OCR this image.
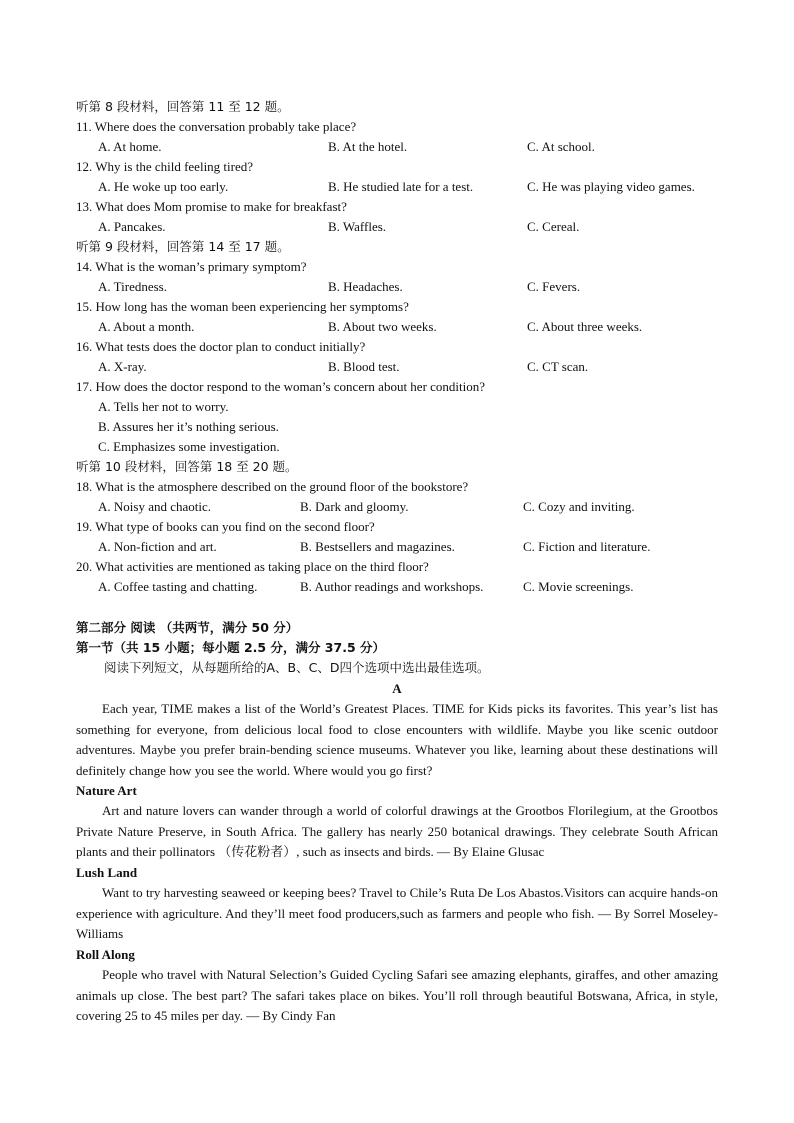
听第 8 段材料，回答第 11 至 12 题。
11. Where does the conversation probably take place?
A. At home.	B. At the hotel.	C. At school.
12. Why is the child feeling tired?
A. He woke up too early.	B. He studied late for a test.	C. He was playing video games.
13. What does Mom promise to make for breakfast?
A. Pancakes.	B. Waffles.	C. Cereal.
听第 9 段材料，回答第 14 至 17 题。
14. What is the woman’s primary symptom?
A. Tiredness.	B. Headaches.	C. Fevers.
15. How long has the woman been experiencing her symptoms?
A. About a month.	B. About two weeks.	C. About three weeks.
16. What tests does the doctor plan to conduct initially?
A. X-ray.	B. Blood test.	C. CT scan.
17. How does the doctor respond to the woman’s concern about her condition?
A. Tells her not to worry.
B. Assures her it’s nothing serious.
C. Emphasizes some investigation.
听第 10 段材料，回答第 18 至 20 题。
18. What is the atmosphere described on the ground floor of the bookstore?
A. Noisy and chaotic.	B. Dark and gloomy.	C. Cozy and inviting.
19. What type of books can you find on the second floor?
A. Non-fiction and art.	B. Bestsellers and magazines.	C. Fiction and literature.
20. What activities are mentioned as taking place on the third floor?
A. Coffee tasting and chatting.	B. Author readings and workshops.	C. Movie screenings.
第二部分 阅读 （共两节，满分 50 分）
第一节（共 15 小题；每小题 2.5 分，满分 37.5 分）
阅读下列短文，从每题所给的A、B、C、D四个选项中选出最佳选项。
A
Each year, TIME makes a list of the World’s Greatest Places. TIME for Kids picks its favorites. This year’s list has something for everyone, from delicious local food to close encounters with wildlife. Maybe you like scenic outdoor adventures. Maybe you prefer brain-bending science museums. Whatever you like, learning about these destinations will definitely change how you see the world. Where would you go first?
Nature Art
Art and nature lovers can wander through a world of colorful drawings at the Grootbos Florilegium, at the Grootbos Private Nature Preserve, in South Africa. The gallery has nearly 250 botanical drawings. They celebrate South African plants and their pollinators （传花粉者）, such as insects and birds. — By Elaine Glusac
Lush Land
Want to try harvesting seaweed or keeping bees? Travel to Chile’s Ruta De Los Abastos.Visitors can acquire hands-on experience with agriculture. And they’ll meet food producers,such as farmers and people who fish. — By Sorrel Moseley-Williams
Roll Along
People who travel with Natural Selection’s Guided Cycling Safari see amazing elephants, giraffes, and other amazing animals up close. The best part? The safari takes place on bikes. You’ll roll through beautiful Botswana, Africa, in style, covering 25 to 45 miles per day. — By Cindy Fan
